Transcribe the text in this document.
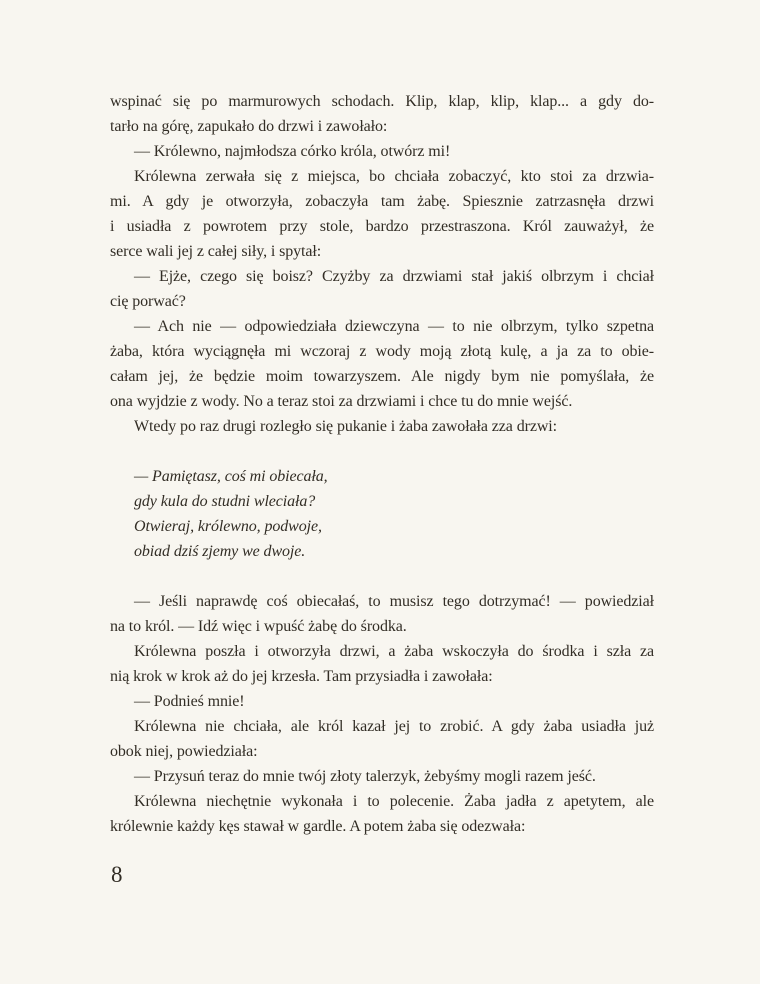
wspinać się po marmurowych schodach. Klip, klap, klip, klap... a gdy do-
tarło na górę, zapukało do drzwi i zawołało:
— Królewno, najmłodsza córko króla, otwórz mi!
Królewna zerwała się z miejsca, bo chciała zobaczyć, kto stoi za drzwia-
mi. A gdy je otworzyła, zobaczyła tam żabę. Spiesznie zatrzasnęła drzwi
i usiadła z powrotem przy stole, bardzo przestraszona. Król zauważył, że
serce wali jej z całej siły, i spytał:
— Ejże, czego się boisz? Czyżby za drzwiami stał jakiś olbrzym i chciał
cię porwać?
— Ach nie — odpowiedziała dziewczyna — to nie olbrzym, tylko szpetna
żaba, która wyciągnęła mi wczoraj z wody moją złotą kulę, a ja za to obie-
całam jej, że będzie moim towarzyszem. Ale nigdy bym nie pomyślała, że
ona wyjdzie z wody. No a teraz stoi za drzwiami i chce tu do mnie wejść.
Wtedy po raz drugi rozległo się pukanie i żaba zawołała zza drzwi:
— Pamiętasz, coś mi obiecała,
gdy kula do studni wleciała?
Otwieraj, królewno, podwoje,
obiad dziś zjemy we dwoje.
— Jeśli naprawdę coś obiecałaś, to musisz tego dotrzymać! — powiedział
na to król. — Idź więc i wpuść żabę do środka.
Królewna poszła i otworzyła drzwi, a żaba wskoczyła do środka i szła za
nią krok w krok aż do jej krzesła. Tam przysiadła i zawołała:
— Podnieś mnie!
Królewna nie chciała, ale król kazał jej to zrobić. A gdy żaba usiadła już
obok niej, powiedziała:
— Przysuń teraz do mnie twój złoty talerzyk, żebyśmy mogli razem jeść.
Królewna niechętnie wykonała i to polecenie. Żaba jadła z apetytem, ale
królewnie każdy kęs stawał w gardle. A potem żaba się odezwała:
8
